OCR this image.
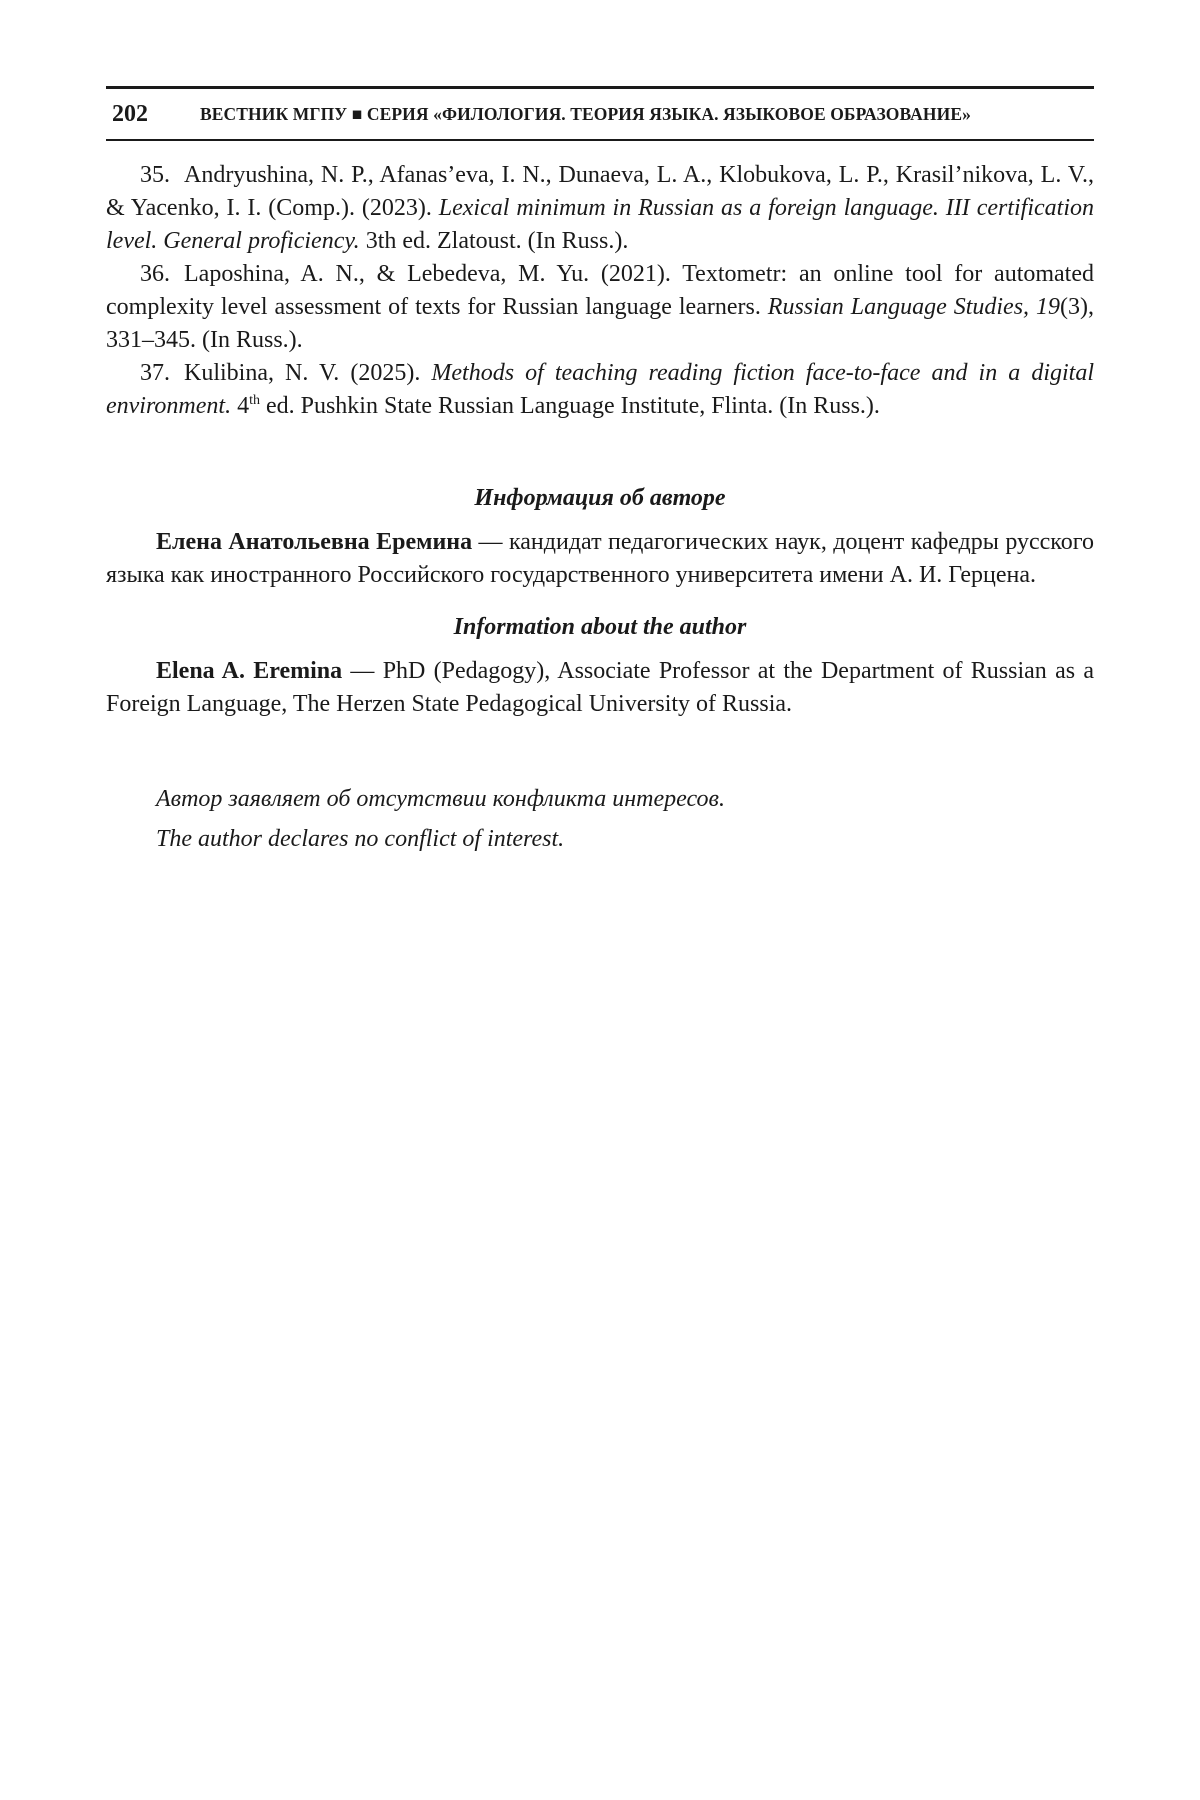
202	ВЕСТНИК МГПУ ■ СЕРИЯ «ФИЛОЛОГИЯ. ТЕОРИЯ ЯЗЫКА. ЯЗЫКОВОЕ ОБРАЗОВАНИЕ»

35. Andryushina, N. P., Afanas’eva, I. N., Dunaeva, L. A., Klobukova, L. P., Krasil’nikova, L. V., & Yacenko, I. I. (Comp.). (2023). Lexical minimum in Russian as a foreign language. III certification level. General proficiency. 3th ed. Zlatoust. (In Russ.).

36. Laposhina, A. N., & Lebedeva, M. Yu. (2021). Textometr: an online tool for automated complexity level assessment of texts for Russian language learners. Russian Language Studies, 19(3), 331–345. (In Russ.).

37. Kulibina, N. V. (2025). Methods of teaching reading fiction face-to-face and in a digital environment. 4th ed. Pushkin State Russian Language Institute, Flinta. (In Russ.).

Информация об авторе

Елена Анатольевна Еремина — кандидат педагогических наук, доцент кафедры русского языка как иностранного Российского государственного университета имени А. И. Герцена.

Information about the author

Elena A. Eremina — PhD (Pedagogy), Associate Professor at the Department of Russian as a Foreign Language, The Herzen State Pedagogical University of Russia.

Автор заявляет об отсутствии конфликта интересов.

The author declares no conflict of interest.
